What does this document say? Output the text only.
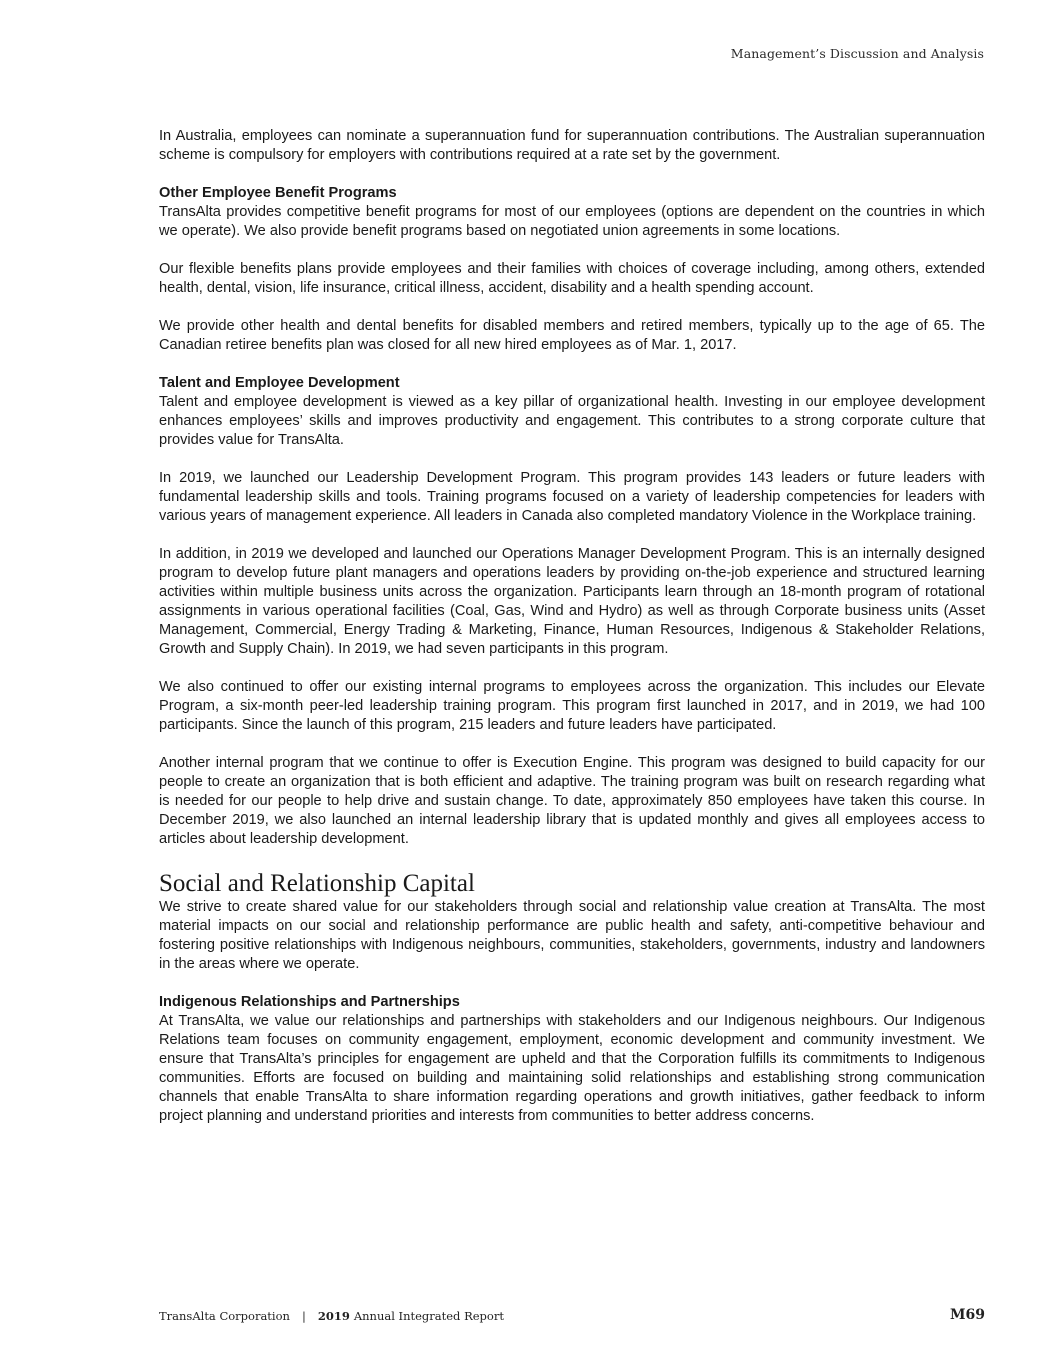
Management’s Discussion and Analysis

In Australia, employees can nominate a superannuation fund for superannuation contributions. The Australian superannuation scheme is compulsory for employers with contributions required at a rate set by the government.

Other Employee Benefit Programs

TransAlta provides competitive benefit programs for most of our employees (options are dependent on the countries in which we operate). We also provide benefit programs based on negotiated union agreements in some locations.

Our flexible benefits plans provide employees and their families with choices of coverage including, among others, extended health, dental, vision, life insurance, critical illness, accident, disability and a health spending account.

We provide other health and dental benefits for disabled members and retired members, typically up to the age of 65. The Canadian retiree benefits plan was closed for all new hired employees as of Mar. 1, 2017.

Talent and Employee Development

Talent and employee development is viewed as a key pillar of organizational health. Investing in our employee development enhances employees’ skills and improves productivity and engagement. This contributes to a strong corporate culture that provides value for TransAlta.

In 2019, we launched our Leadership Development Program. This program provides 143 leaders or future leaders with fundamental leadership skills and tools. Training programs focused on a variety of leadership competencies for leaders with various years of management experience. All leaders in Canada also completed mandatory Violence in the Workplace training.

In addition, in 2019 we developed and launched our Operations Manager Development Program. This is an internally designed program to develop future plant managers and operations leaders by providing on-the-job experience and structured learning activities within multiple business units across the organization. Participants learn through an 18-month program of rotational assignments in various operational facilities (Coal, Gas, Wind and Hydro) as well as through Corporate business units (Asset Management, Commercial, Energy Trading & Marketing, Finance, Human Resources, Indigenous & Stakeholder Relations, Growth and Supply Chain). In 2019, we had seven participants in this program.

We also continued to offer our existing internal programs to employees across the organization. This includes our Elevate Program, a six-month peer-led leadership training program. This program first launched in 2017, and in 2019, we had 100 participants. Since the launch of this program, 215 leaders and future leaders have participated.

Another internal program that we continue to offer is Execution Engine. This program was designed to build capacity for our people to create an organization that is both efficient and adaptive. The training program was built on research regarding what is needed for our people to help drive and sustain change. To date, approximately 850 employees have taken this course. In December 2019, we also launched an internal leadership library that is updated monthly and gives all employees access to articles about leadership development.

Social and Relationship Capital

We strive to create shared value for our stakeholders through social and relationship value creation at TransAlta. The most material impacts on our social and relationship performance are public health and safety, anti-competitive behaviour and fostering positive relationships with Indigenous neighbours, communities, stakeholders, governments, industry and landowners in the areas where we operate.

Indigenous Relationships and Partnerships

At TransAlta, we value our relationships and partnerships with stakeholders and our Indigenous neighbours. Our Indigenous Relations team focuses on community engagement, employment, economic development and community investment. We ensure that TransAlta’s principles for engagement are upheld and that the Corporation fulfills its commitments to Indigenous communities. Efforts are focused on building and maintaining solid relationships and establishing strong communication channels that enable TransAlta to share information regarding operations and growth initiatives, gather feedback to inform project planning and understand priorities and interests from communities to better address concerns.

TransAlta Corporation | 2019 Annual Integrated Report	M69
